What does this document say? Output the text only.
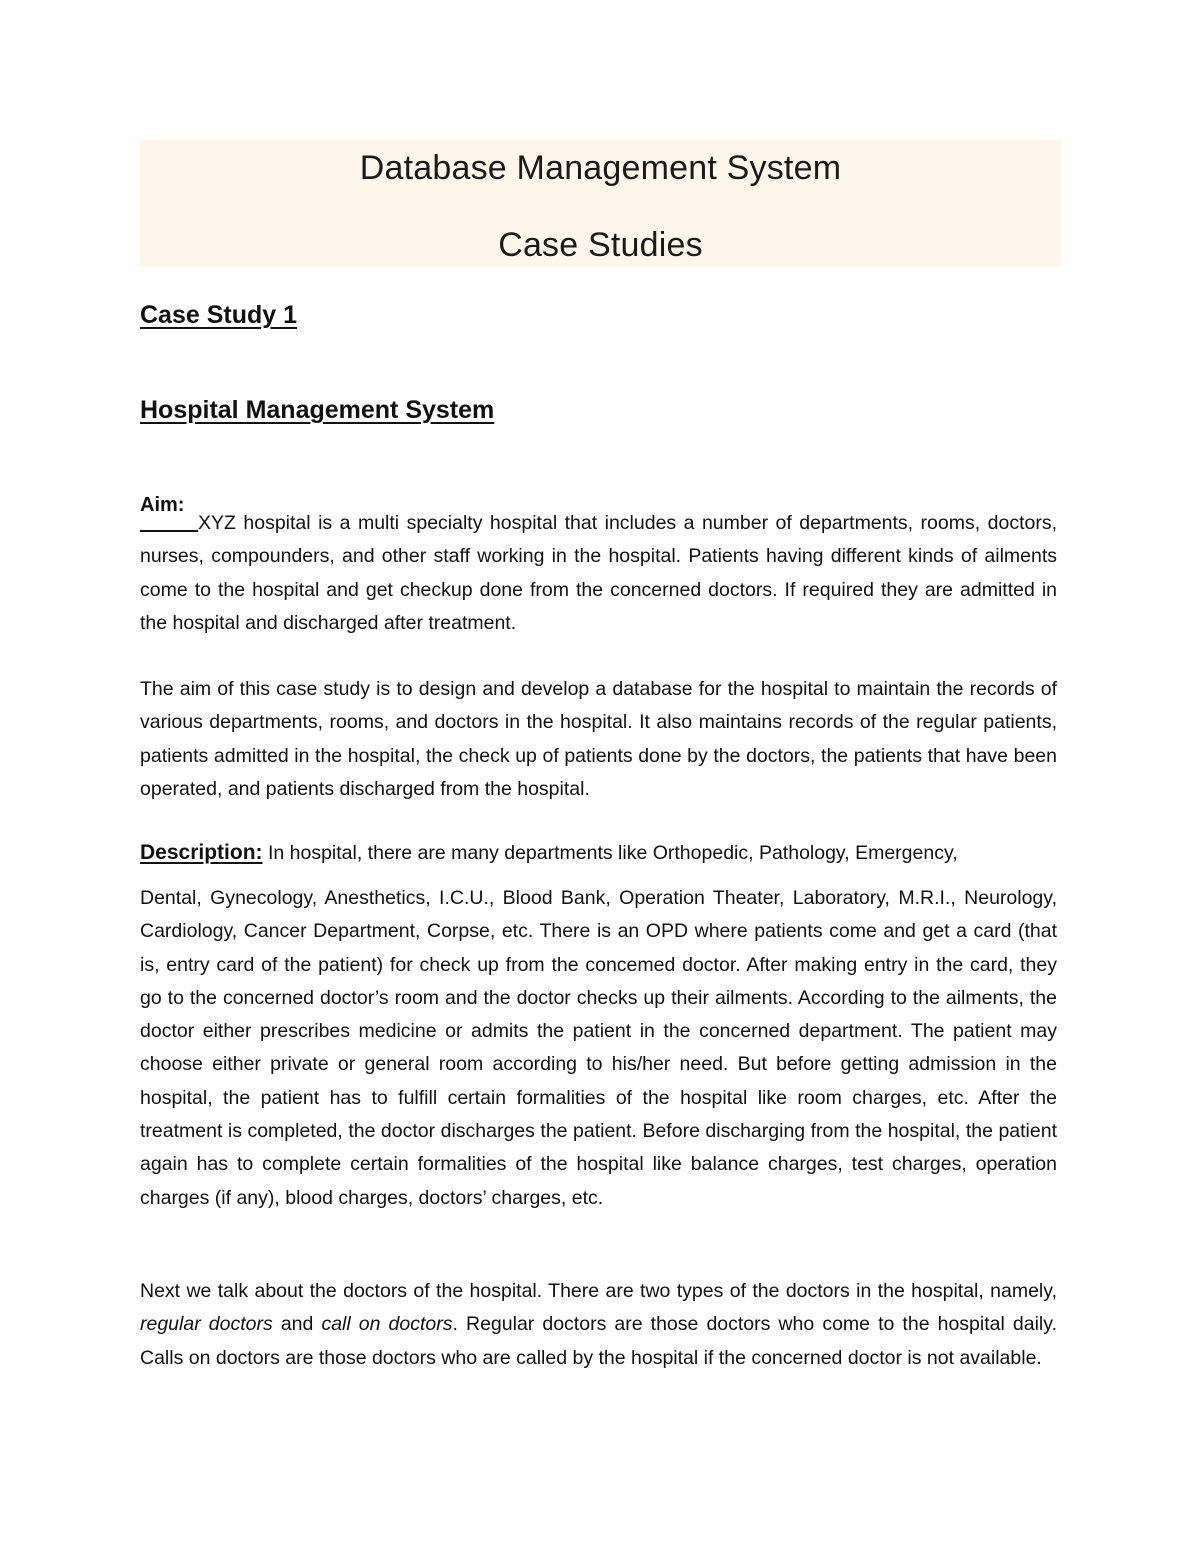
Database Management System
Case Studies
Case Study 1
Hospital Management System
Aim:
XYZ hospital is a multi specialty hospital that includes a number of departments, rooms, doctors, nurses, compounders, and other staff working in the hospital. Patients having different kinds of ailments come to the hospital and get checkup done from the concerned doctors. If required they are admitted in the hospital and discharged after treatment.
The aim of this case study is to design and develop a database for the hospital to maintain the records of various departments, rooms, and doctors in the hospital. It also maintains records of the regular patients, patients admitted in the hospital, the check up of patients done by the doctors, the patients that have been operated, and patients discharged from the hospital.
Description: In hospital, there are many departments like Orthopedic, Pathology, Emergency,
Dental, Gynecology, Anesthetics, I.C.U., Blood Bank, Operation Theater, Laboratory, M.R.I., Neurology, Cardiology, Cancer Department, Corpse, etc. There is an OPD where patients come and get a card (that is, entry card of the patient) for check up from the concemed doctor. After making entry in the card, they go to the concerned doctor’s room and the doctor checks up their ailments. According to the ailments, the doctor either prescribes medicine or admits the patient in the concerned department. The patient may choose either private or general room according to his/her need. But before getting admission in the hospital, the patient has to fulfill certain formalities of the hospital like room charges, etc. After the treatment is completed, the doctor discharges the patient. Before discharging from the hospital, the patient again has to complete certain formalities of the hospital like balance charges, test charges, operation charges (if any), blood charges, doctors’ charges, etc.
Next we talk about the doctors of the hospital. There are two types of the doctors in the hospital, namely, regular doctors and call on doctors. Regular doctors are those doctors who come to the hospital daily. Calls on doctors are those doctors who are called by the hospital if the concerned doctor is not available.
